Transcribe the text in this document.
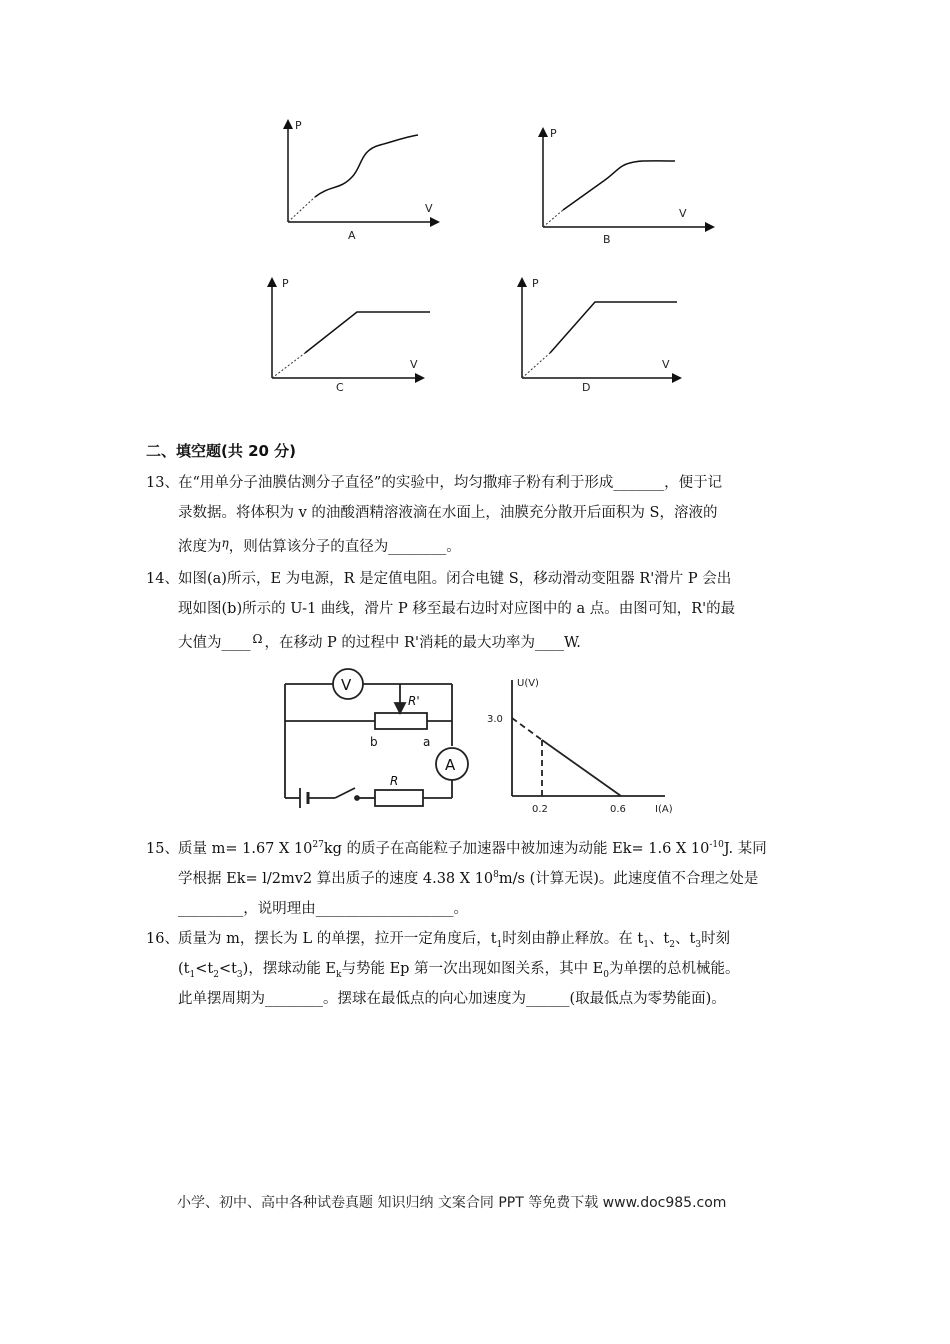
P
V
A
P
V
B
P
V
C
P
V
D
二、填空题(共 20 分)
13、 在“用单分子油膜估测分子直径”的实验中，均匀撒痱子粉有利于形成_______，便于记
录数据。将体积为 v 的油酸酒精溶液滴在水面上，油膜充分散开后面积为 S，溶液的
浓度为$^\eta$，则估算该分子的直径为________。
14、 如图(a)所示，E 为电源，R 是定值电阻。闭合电键 S，移动滑动变阻器 R'滑片 P 会出
现如图(b)所示的 U-1 曲线，滑片 P 移至最右边时对应图中的 a 点。由图可知，R'的最
大值为____ $^\Omega$ ，在移动 P 的过程中 R'消耗的最大功率为____W.
V
A
R'
R
b	a
U(V)
3.0
0.2	0.6	I(A)
15、 质量 m= 1.67 X $10^{27}kg$ 的质子在高能粒子加速器中被加速为动能 Ek= 1.6 X $10^{-10}J$. 某同
学根据 Ek= l/2mv2 算出质子的速度 4.38 X $10^8m/s$ (计算无误)。此速度值不合理之处是
_________，说明理由___________________。
16、 质量为 m，摆长为 L 的单摆，拉开一定角度后，$t_1$时刻由静止释放。在 $t_1$、$t_2$、$t_3$时刻
$(t_1<t_2<t_3)$，摆球动能 $E_k$与势能 Ep 第一次出现如图关系，其中 $E_0$为单摆的总机械能。
此单摆周期为________。摆球在最低点的向心加速度为______(取最低点为零势能面)。
小学、初中、高中各种试卷真题 知识归纳 文案合同 PPT 等免费下载 www.doc985.com
